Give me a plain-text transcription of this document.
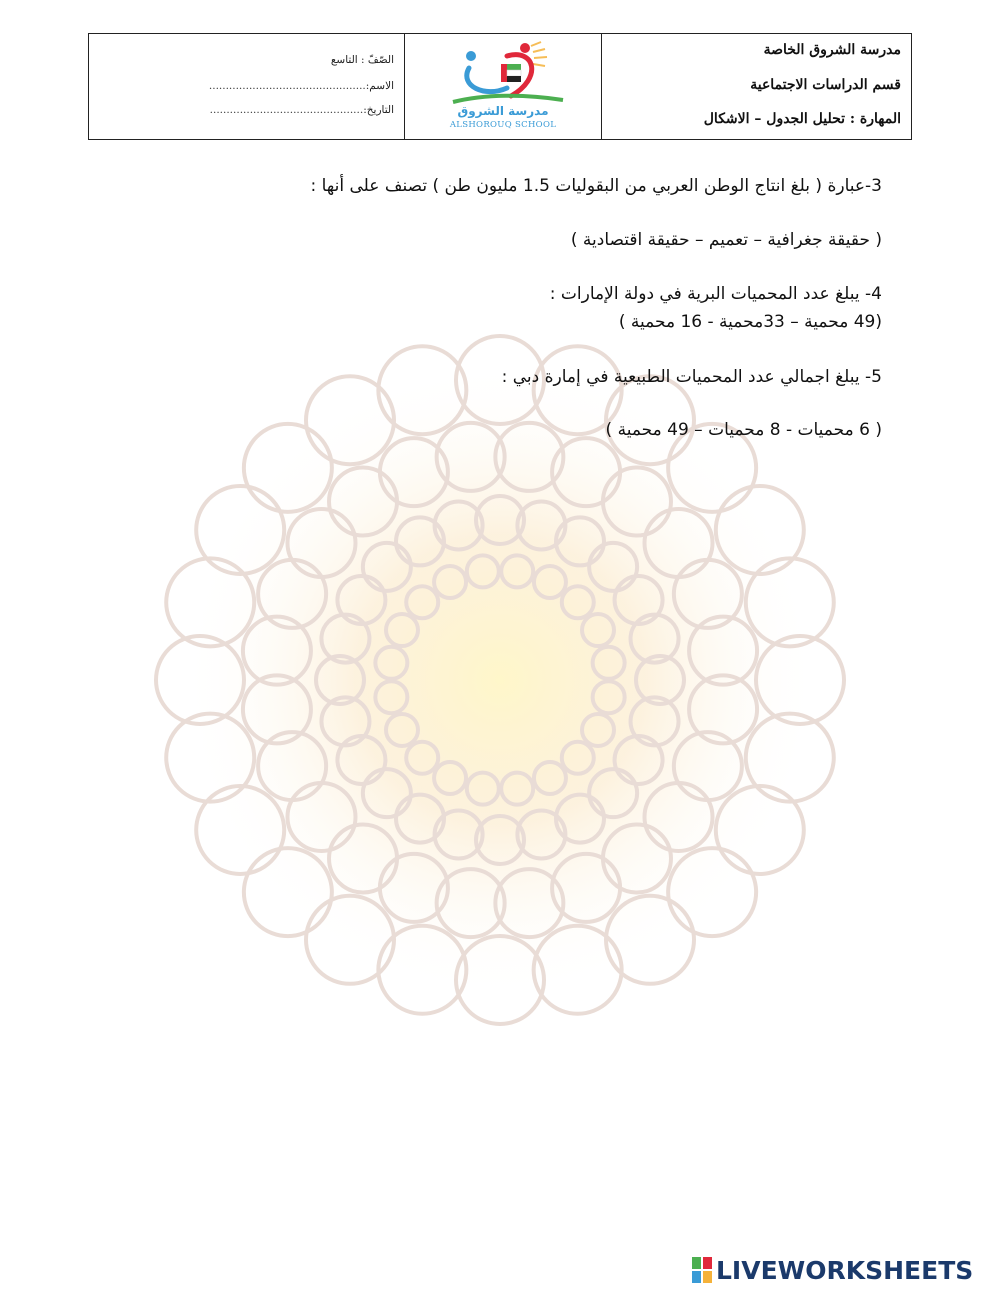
الصّفّ : التاسع
الاسم:...............................................
التاريخ:..............................................	مدرسة الشروق
ALSHOROUQ SCHOOL
مدرسة الشروق الخاصة
قسم الدراسات الاجتماعية
المهارة : تحليل الجدول – الاشكال
3-عبارة ( بلغ انتاج الوطن العربي من البقوليات 1.5 مليون طن ) تصنف على أنها :
( حقيقة جغرافية – تعميم – حقيقة اقتصادية )
4- يبلغ عدد المحميات البرية في دولة الإمارات :
(49 محمية – 33محمية - 16 محمية )
5- يبلغ اجمالي عدد المحميات الطبيعية في إمارة دبي :
( 6 محميات - 8 محميات – 49 محمية )
LIVEWORKSHEETS
